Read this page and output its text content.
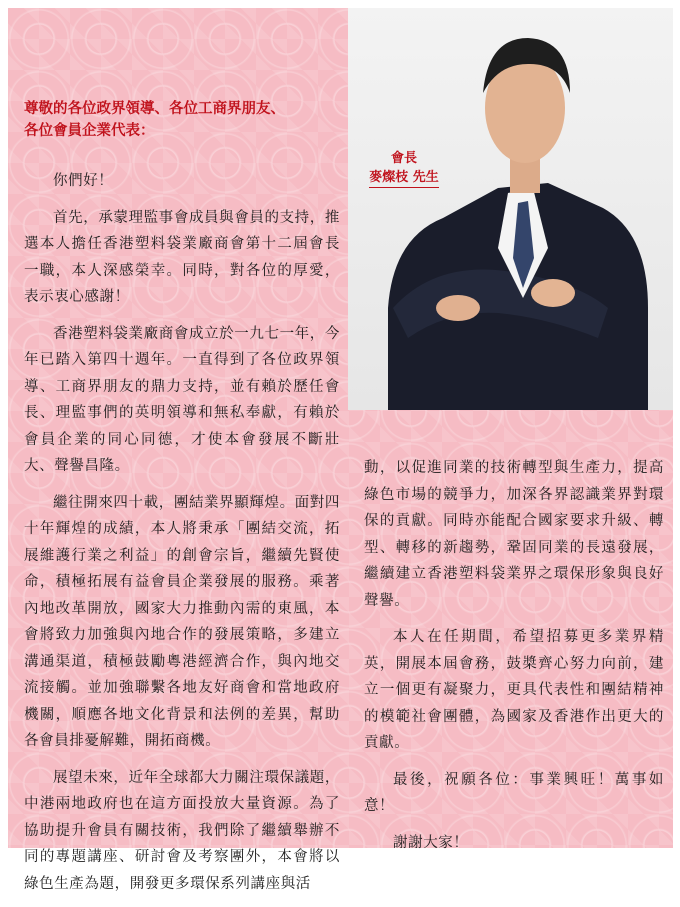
尊敬的各位政界領導、各位工商界朋友、
各位會員企業代表：
會長
麥燦枝 先生

你們好！

首先，承蒙理監事會成員與會員的支持，推選本人擔任香港塑料袋業廠商會第十二屆會長一職，本人深感榮幸。同時，對各位的厚愛，表示衷心感謝！

香港塑料袋業廠商會成立於一九七一年，今年已踏入第四十週年。一直得到了各位政界領導、工商界朋友的鼎力支持，並有賴於歷任會長、理監事們的英明領導和無私奉獻，有賴於會員企業的同心同德，才使本會發展不斷壯大、聲譽昌隆。

繼往開來四十載，團結業界顯輝煌。面對四十年輝煌的成績，本人將秉承「團結交流，拓展維護行業之利益」的創會宗旨，繼續先賢使命，積極拓展有益會員企業發展的服務。乘著內地改革開放，國家大力推動內需的東風，本會將致力加強與內地合作的發展策略，多建立溝通渠道，積極鼓勵粵港經濟合作，與內地交流接觸。並加強聯繫各地友好商會和當地政府機關，順應各地文化背景和法例的差異，幫助各會員排憂解難，開拓商機。

展望未來，近年全球都大力關注環保議題，中港兩地政府也在這方面投放大量資源。為了協助提升會員有關技術，我們除了繼續舉辦不同的專題講座、研討會及考察團外，本會將以綠色生產為題，開發更多環保系列講座與活

動，以促進同業的技術轉型與生產力，提高綠色市場的競爭力，加深各界認識業界對環保的貢獻。同時亦能配合國家要求升級、轉型、轉移的新趨勢，鞏固同業的長遠發展，繼續建立香港塑料袋業界之環保形象與良好聲譽。

本人在任期間，希望招募更多業界精英，開展本屆會務，鼓槳齊心努力向前，建立一個更有凝聚力，更具代表性和團結精神的模範社會團體，為國家及香港作出更大的貢獻。

最後，祝願各位：事業興旺！萬事如意！

謝謝大家！
